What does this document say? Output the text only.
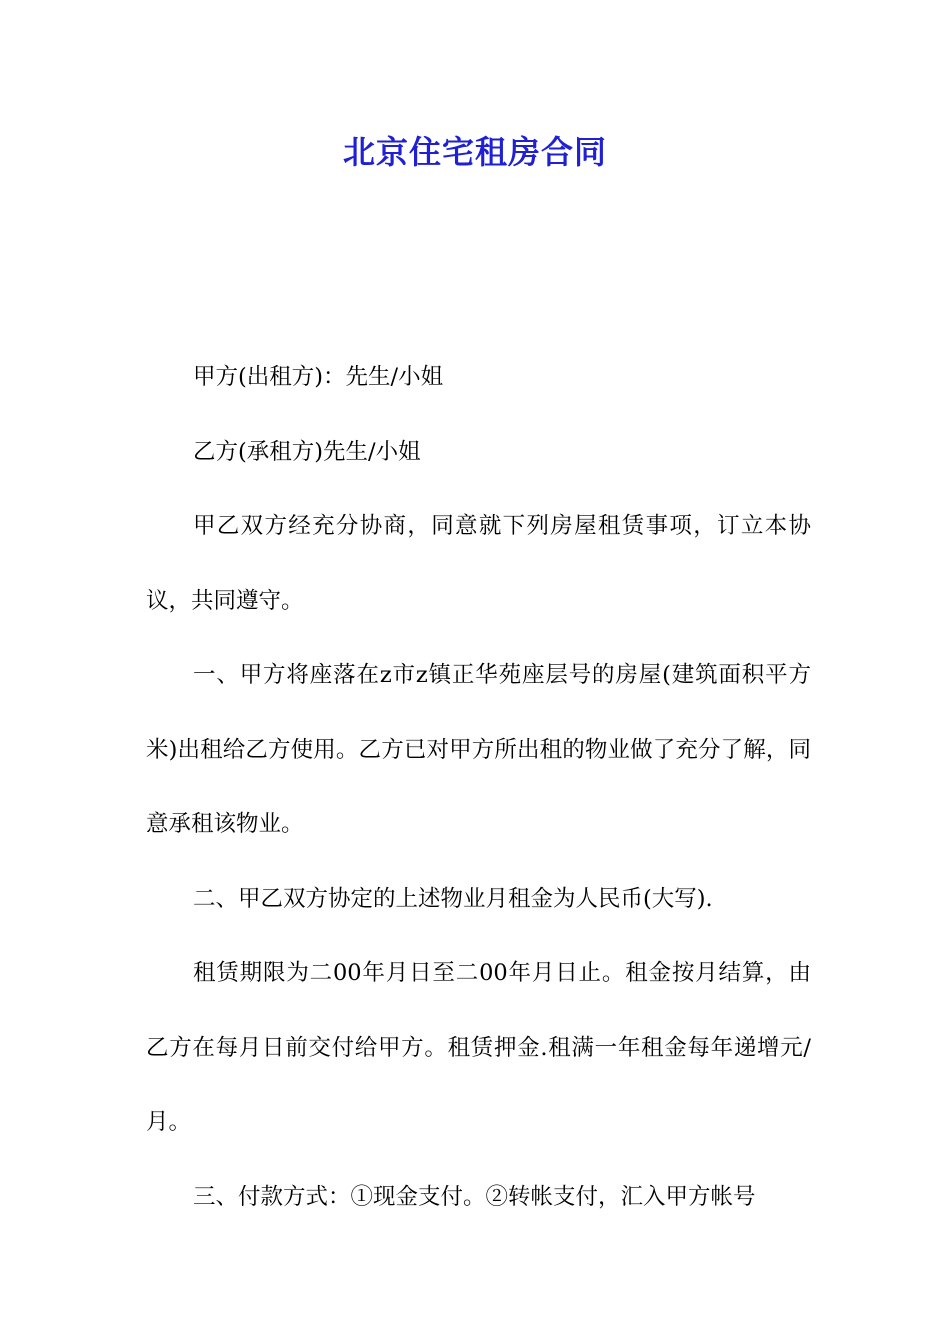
北京住宅租房合同

甲方(出租方)：先生/小姐

乙方(承租方)先生/小姐

甲乙双方经充分协商，同意就下列房屋租赁事项，订立本协议，共同遵守。

一、甲方将座落在z市z镇正华苑座层号的房屋(建筑面积平方米)出租给乙方使用。乙方已对甲方所出租的物业做了充分了解，同意承租该物业。

二、甲乙双方协定的上述物业月租金为人民币(大写).

租赁期限为二00年月日至二00年月日止。租金按月结算，由乙方在每月日前交付给甲方。租赁押金.租满一年租金每年递增元/月。

三、付款方式：①现金支付。②转帐支付，汇入甲方帐号
